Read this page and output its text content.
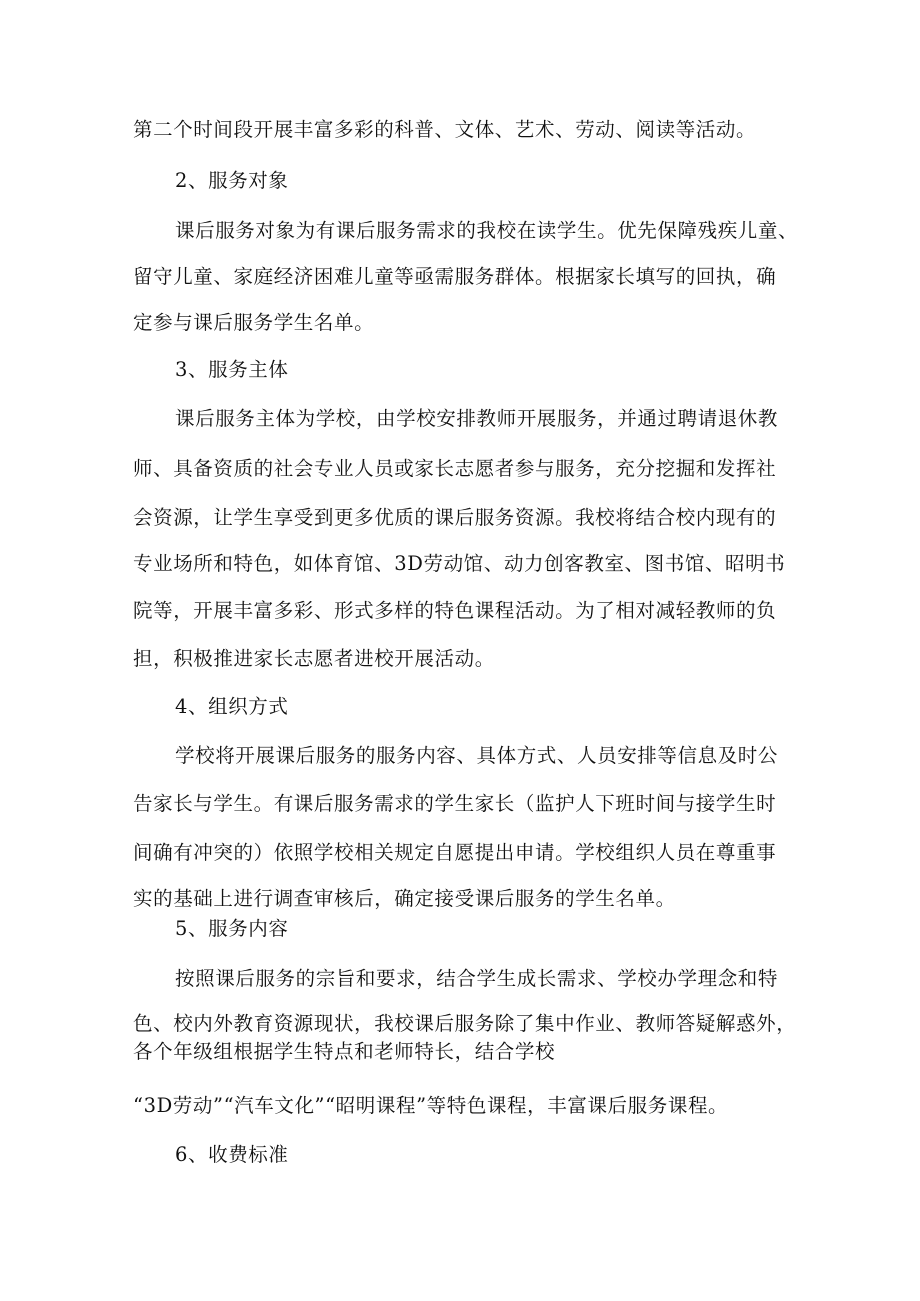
第二个时间段开展丰富多彩的科普、文体、艺术、劳动、阅读等活动。
2、服务对象
课后服务对象为有课后服务需求的我校在读学生。优先保障残疾儿童、
留守儿童、家庭经济困难儿童等亟需服务群体。根据家长填写的回执，确
定参与课后服务学生名单。
3、服务主体
课后服务主体为学校，由学校安排教师开展服务，并通过聘请退休教
师、具备资质的社会专业人员或家长志愿者参与服务，充分挖掘和发挥社
会资源，让学生享受到更多优质的课后服务资源。我校将结合校内现有的
专业场所和特色，如体育馆、3D劳动馆、动力创客教室、图书馆、昭明书
院等，开展丰富多彩、形式多样的特色课程活动。为了相对减轻教师的负
担，积极推进家长志愿者进校开展活动。
4、组织方式
学校将开展课后服务的服务内容、具体方式、人员安排等信息及时公
告家长与学生。有课后服务需求的学生家长（监护人下班时间与接学生时
间确有冲突的）依照学校相关规定自愿提出申请。学校组织人员在尊重事
实的基础上进行调查审核后，确定接受课后服务的学生名单。
5、服务内容
按照课后服务的宗旨和要求，结合学生成长需求、学校办学理念和特
色、校内外教育资源现状，我校课后服务除了集中作业、教师答疑解惑外，
各个年级组根据学生特点和老师特长，结合学校
“3D劳动”“汽车文化”“昭明课程”等特色课程，丰富课后服务课程。
6、收费标准
